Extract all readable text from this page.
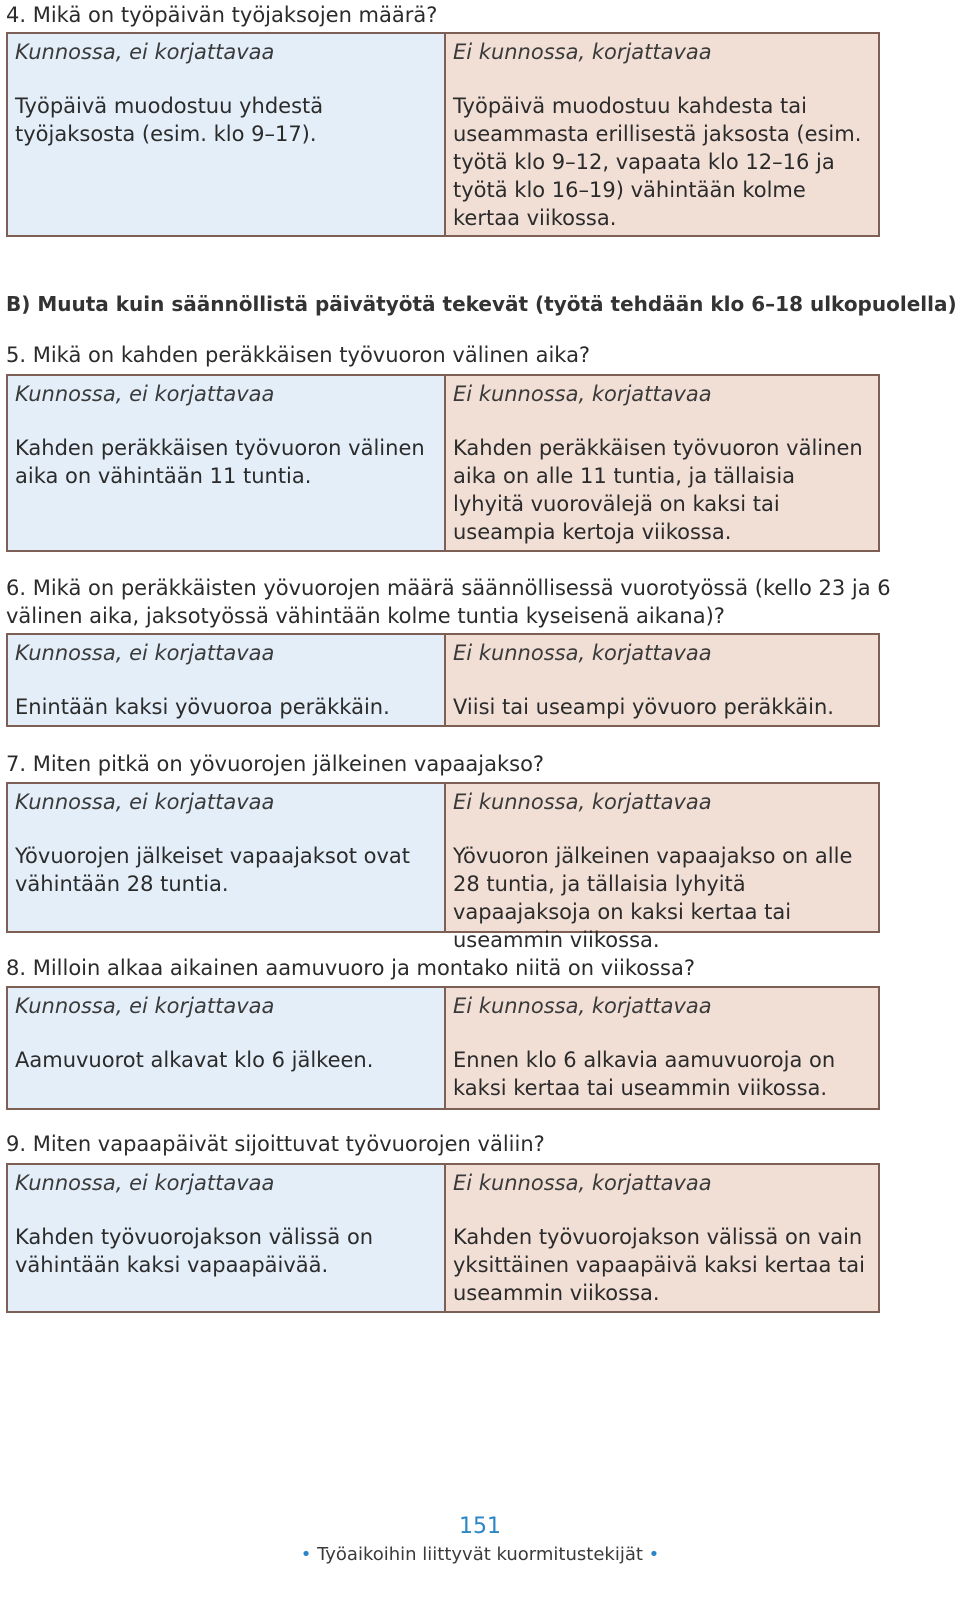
4. Mikä on työpäivän työjaksojen määrä?
Kunnossa, ei korjattavaa
Työpäivä muodostuu yhdestä työjaksosta (esim. klo 9–17).
Ei kunnossa, korjattavaa
Työpäivä muodostuu kahdesta tai useammasta erillisestä jaksosta (esim. työtä klo 9–12, vapaata klo 12–16 ja työtä klo 16–19) vähintään kolme kertaa viikossa.
B) Muuta kuin säännöllistä päivätyötä tekevät (työtä tehdään klo 6–18 ulkopuolella)
5. Mikä on kahden peräkkäisen työvuoron välinen aika?
Kunnossa, ei korjattavaa
Kahden peräkkäisen työvuoron välinen aika on vähintään 11 tuntia.
Ei kunnossa, korjattavaa
Kahden peräkkäisen työvuoron välinen aika on alle 11 tuntia, ja tällaisia lyhyitä vuorovälejä on kaksi tai useampia kertoja viikossa.
6. Mikä on peräkkäisten yövuorojen määrä säännöllisessä vuorotyössä (kello 23 ja 6 välinen aika, jaksotyössä vähintään kolme tuntia kyseisenä aikana)?
Kunnossa, ei korjattavaa
Enintään kaksi yövuoroa peräkkäin.
Ei kunnossa, korjattavaa
Viisi tai useampi yövuoro peräkkäin.
7. Miten pitkä on yövuorojen jälkeinen vapaajakso?
Kunnossa, ei korjattavaa
Yövuorojen jälkeiset vapaajaksot ovat vähintään 28 tuntia.
Ei kunnossa, korjattavaa
Yövuoron jälkeinen vapaajakso on alle 28 tuntia, ja tällaisia lyhyitä vapaajaksoja on kaksi kertaa tai useammin viikossa.
8. Milloin alkaa aikainen aamuvuoro ja montako niitä on viikossa?
Kunnossa, ei korjattavaa
Aamuvuorot alkavat klo 6 jälkeen.
Ei kunnossa, korjattavaa
Ennen klo 6 alkavia aamuvuoroja on kaksi kertaa tai useammin viikossa.
9. Miten vapaapäivät sijoittuvat työvuorojen väliin?
Kunnossa, ei korjattavaa
Kahden työvuorojakson välissä on vähintään kaksi vapaapäivää.
Ei kunnossa, korjattavaa
Kahden työvuorojakson välissä on vain yksittäinen vapaapäivä kaksi kertaa tai useammin viikossa.
151
• Työaikoihin liittyvät kuormitustekijät •
